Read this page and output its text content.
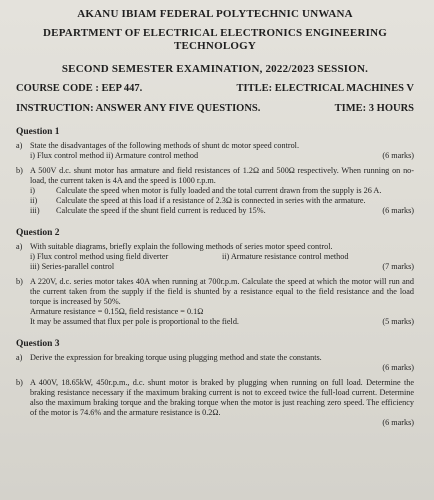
AKANU IBIAM FEDERAL POLYTECHNIC UNWANA
DEPARTMENT OF ELECTRICAL ELECTRONICS ENGINEERING TECHNOLOGY
SECOND SEMESTER EXAMINATION, 2022/2023 SESSION.
COURSE CODE : EEP 447.	TITLE: ELECTRICAL MACHINES V
INSTRUCTION: ANSWER ANY FIVE QUESTIONS.	TIME: 3 HOURS
Question 1
a) State the disadvantages of the following methods of shunt dc motor speed control.
i) Flux control method ii) Armature control method	(6 marks)
b) A 500V d.c. shunt motor has armature and field resistances of 1.2Ω and 500Ω respectively. When running on no-load, the current taken is 4A and the speed is 1000 r.p.m.
i)	Calculate the speed when motor is fully loaded and the total current drawn from the supply is 26 A.
ii)	Calculate the speed at this load if a resistance of 2.3Ω is connected in series with the armature.
iii)	Calculate the speed if the shunt field current is reduced by 15%.	(6 marks)
Question 2
a) With suitable diagrams, briefly explain the following methods of series motor speed control.
i) Flux control method using field diverter	ii) Armature resistance control method
iii) Series-parallel control	(7 marks)
b) A 220V, d.c. series motor takes 40A when running at 700r.p.m. Calculate the speed at which the motor will run and the current taken from the supply if the field is shunted by a resistance equal to the field resistance and the load torque is increased by 50%.
Armature resistance = 0.15Ω, field resistance = 0.1Ω
It may be assumed that flux per pole is proportional to the field.	(5 marks)
Question 3
a) Derive the expression for breaking torque using plugging method and state the constants.
(6 marks)
b) A 400V, 18.65kW, 450r.p.m., d.c. shunt motor is braked by plugging when running on full load. Determine the braking resistance necessary if the maximum braking current is not to exceed twice the full-load current. Determine also the maximum braking torque and the braking torque when the motor is just reaching zero speed. The efficiency of the motor is 74.6% and the armature resistance is 0.2Ω.
(6 marks)
